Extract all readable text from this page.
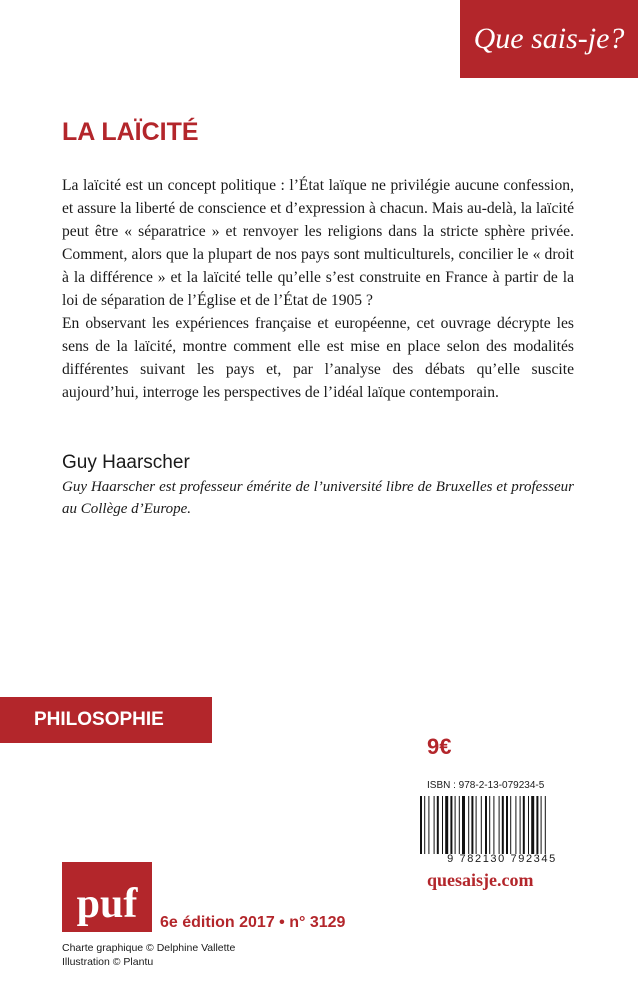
Que sais-je?
LA LAÏCITÉ

La laïcité est un concept politique : l’État laïque ne privilégie aucune confession, et assure la liberté de conscience et d’expression à chacun. Mais au-delà, la laïcité peut être « séparatrice » et renvoyer les religions dans la stricte sphère privée. Comment, alors que la plupart de nos pays sont multiculturels, concilier le « droit à la différence » et la laïcité telle qu’elle s’est construite en France à partir de la loi de séparation de l’Église et de l’État de 1905 ?

En observant les expériences française et européenne, cet ouvrage décrypte les sens de la laïcité, montre comment elle est mise en place selon des modalités différentes suivant les pays et, par l’analyse des débats qu’elle suscite aujourd’hui, interroge les perspectives de l’idéal laïque contemporain.

Guy Haarscher
Guy Haarscher est professeur émérite de l’université libre de Bruxelles et professeur au Collège d’Europe.
PHILOSOPHIE
9€
ISBN : 978-2-13-079234-5
9 782130 792345
quesaisje.com
puf	6e édition 2017 • n° 3129
Charte graphique © Delphine Vallette
Illustration © Plantu
